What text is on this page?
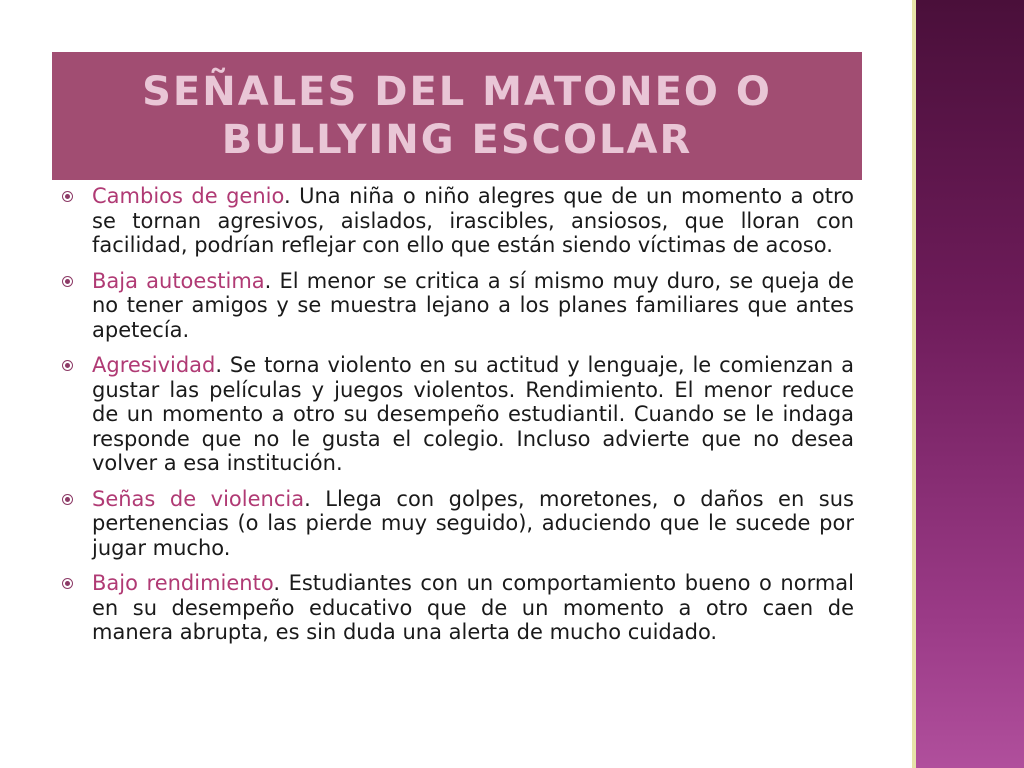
SEÑALES DEL MATONEO O
BULLYING ESCOLAR
Cambios de genio. Una niña o niño alegres que de un momento a otro se tornan agresivos, aislados, irascibles, ansiosos, que lloran con facilidad, podrían reflejar con ello que están siendo víctimas de acoso.
Baja autoestima. El menor se critica a sí mismo muy duro, se queja de no tener amigos y se muestra lejano a los planes familiares que antes apetecía.
Agresividad. Se torna violento en su actitud y lenguaje, le comienzan a gustar las películas y juegos violentos. Rendimiento. El menor reduce de un momento a otro su desempeño estudiantil. Cuando se le indaga responde que no le gusta el colegio. Incluso advierte que no desea volver a esa institución.
Señas de violencia. Llega con golpes, moretones, o daños en sus pertenencias (o las pierde muy seguido), aduciendo que le sucede por jugar mucho.
Bajo rendimiento. Estudiantes con un comportamiento bueno o normal en su desempeño educativo que de un momento a otro caen de manera abrupta, es sin duda una alerta de mucho cuidado.
